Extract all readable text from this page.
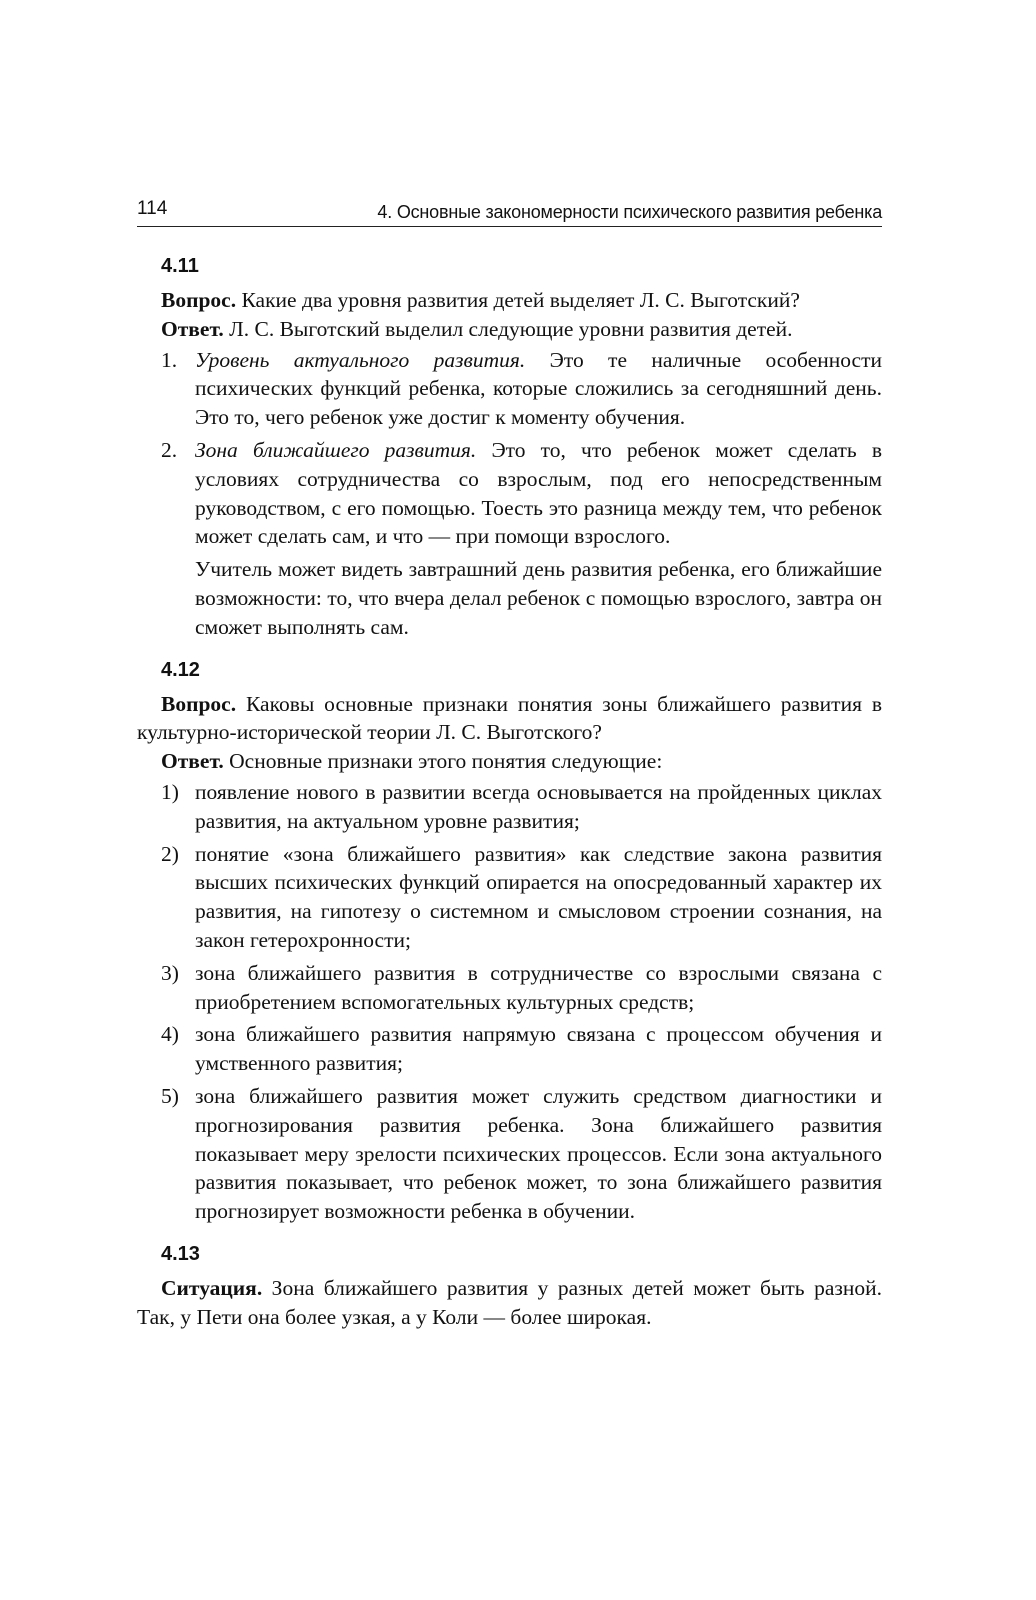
114	4. Основные закономерности психического развития ребенка
4.11

Вопрос. Какие два уровня развития детей выделяет Л. С. Выготский?

Ответ. Л. С. Выготский выделил следующие уровни развития детей.

1. Уровень актуального развития. Это те наличные особенности психических функций ребенка, которые сложились за сегодняшний день. Это то, чего ребенок уже достиг к моменту обучения.
2. Зона ближайшего развития. Это то, что ребенок может сделать в условиях сотрудничества со взрослым, под его непосредственным руководством, с его помощью. Тоесть это разница между тем, что ребенок может сделать сам, и что — при помощи взрослого.

Учитель может видеть завтрашний день развития ребенка, его ближайшие возможности: то, что вчера делал ребенок с помощью взрослого, завтра он сможет выполнять сам.

4.12

Вопрос. Каковы основные признаки понятия зоны ближайшего развития в культурно-исторической теории Л. С. Выготского?

Ответ. Основные признаки этого понятия следующие:

1) появление нового в развитии всегда основывается на пройденных циклах развития, на актуальном уровне развития;
2) понятие «зона ближайшего развития» как следствие закона развития высших психических функций опирается на опосредованный характер их развития, на гипотезу о системном и смысловом строении сознания, на закон гетерохронности;
3) зона ближайшего развития в сотрудничестве со взрослыми связана с приобретением вспомогательных культурных средств;
4) зона ближайшего развития напрямую связана с процессом обучения и умственного развития;
5) зона ближайшего развития может служить средством диагностики и прогнозирования развития ребенка. Зона ближайшего развития показывает меру зрелости психических процессов. Если зона актуального развития показывает, что ребенок может, то зона ближайшего развития прогнозирует возможности ребенка в обучении.
4.13

Ситуация. Зона ближайшего развития у разных детей может быть разной. Так, у Пети она более узкая, а у Коли — более широкая.
